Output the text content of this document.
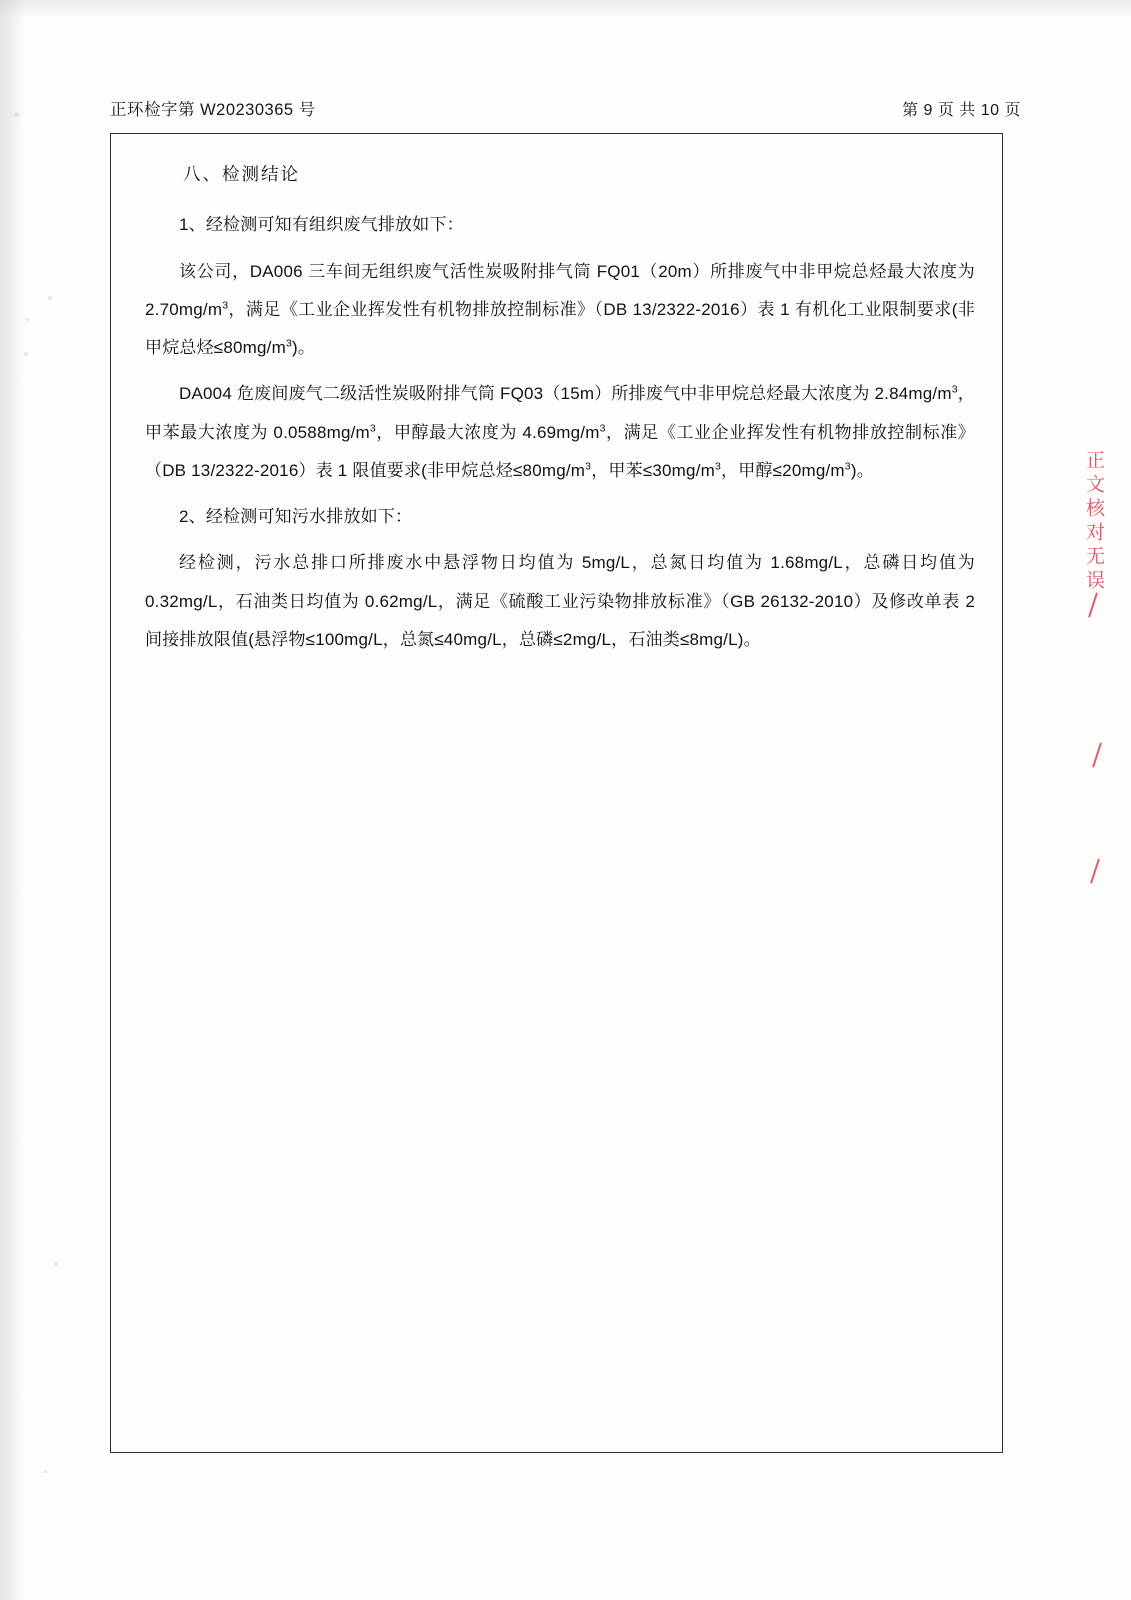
正环检字第 W20230365 号	第 9 页 共 10 页
八、检测结论

1、经检测可知有组织废气排放如下：

该公司，DA006 三车间无组织废气活性炭吸附排气筒 FQ01（20m）所排废气中非甲烷总烃最大浓度为 $2.70mg/m^3$，满足《工业企业挥发性有机物排放控制标准》（DB 13/2322-2016）表 1 有机化工业限制要求(非甲烷总烃$\le 80mg/m^3$)。

DA004 危废间废气二级活性炭吸附排气筒 FQ03（15m）所排废气中非甲烷总烃最大浓度为 $2.84mg/m^3$，甲苯最大浓度为 $0.0588mg/m^3$，甲醇最大浓度为 $4.69mg/m^3$，满足《工业企业挥发性有机物排放控制标准》（DB 13/2322-2016）表 1 限值要求(非甲烷总烃$\le 80mg/m^3$，甲苯$\le 30mg/m^3$，甲醇$\le 20mg/m^3$)。

2、经检测可知污水排放如下：

经检测，污水总排口所排废水中悬浮物日均值为 5mg/L，总氮日均值为 1.68mg/L，总磷日均值为 0.32mg/L，石油类日均值为 0.62mg/L，满足《硫酸工业污染物排放标准》（GB 26132-2010）及修改单表 2 间接排放限值(悬浮物≤100mg/L，总氮≤40mg/L，总磷≤2mg/L，石油类≤8mg/L)。

正文核对无误
